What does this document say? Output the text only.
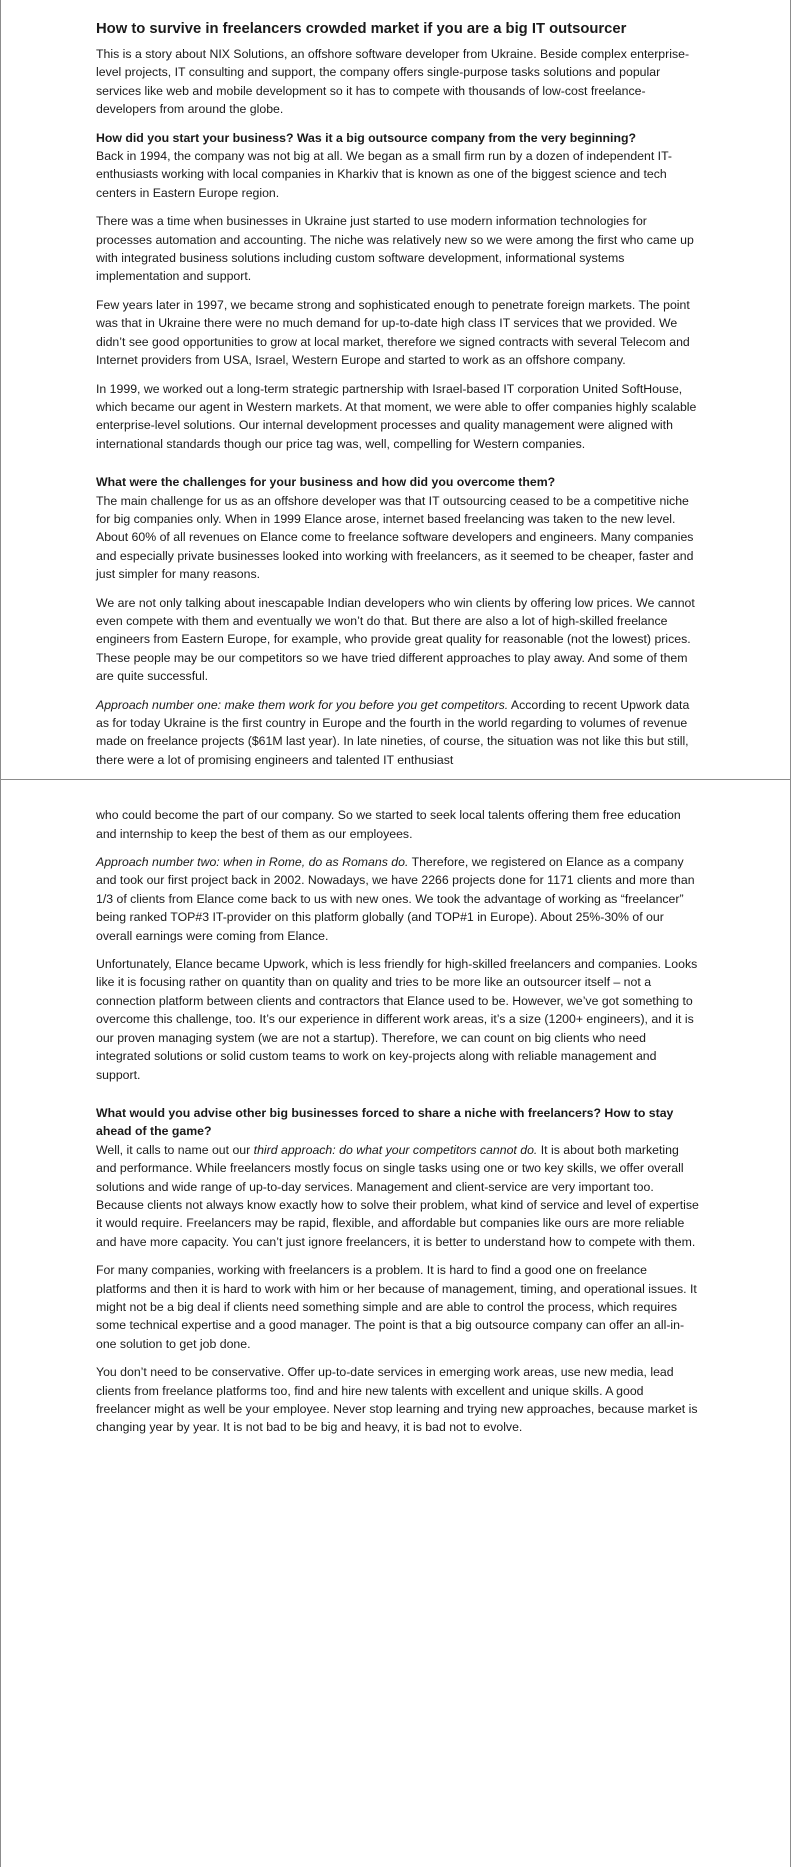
How to survive in freelancers crowded market if you are a big IT outsourcer

This is a story about NIX Solutions, an offshore software developer from Ukraine. Beside complex enterprise-level projects, IT consulting and support, the company offers single-purpose tasks solutions and popular services like web and mobile development so it has to compete with thousands of low-cost freelance-developers from around the globe.

How did you start your business? Was it a big outsource company from the very beginning?

Back in 1994, the company was not big at all. We began as a small firm run by a dozen of independent IT-enthusiasts working with local companies in Kharkiv that is known as one of the biggest science and tech centers in Eastern Europe region.

There was a time when businesses in Ukraine just started to use modern information technologies for processes automation and accounting. The niche was relatively new so we were among the first who came up with integrated business solutions including custom software development, informational systems implementation and support.

Few years later in 1997, we became strong and sophisticated enough to penetrate foreign markets. The point was that in Ukraine there were no much demand for up-to-date high class IT services that we provided. We didn’t see good opportunities to grow at local market, therefore we signed contracts with several Telecom and Internet providers from USA, Israel, Western Europe and started to work as an offshore company.

In 1999, we worked out a long-term strategic partnership with Israel-based IT corporation United SoftHouse, which became our agent in Western markets. At that moment, we were able to offer companies highly scalable enterprise-level solutions. Our internal development processes and quality management were aligned with international standards though our price tag was, well, compelling for Western companies.

What were the challenges for your business and how did you overcome them?

The main challenge for us as an offshore developer was that IT outsourcing ceased to be a competitive niche for big companies only. When in 1999 Elance arose, internet based freelancing was taken to the new level. About 60% of all revenues on Elance come to freelance software developers and engineers. Many companies and especially private businesses looked into working with freelancers, as it seemed to be cheaper, faster and just simpler for many reasons.

We are not only talking about inescapable Indian developers who win clients by offering low prices. We cannot even compete with them and eventually we won’t do that. But there are also a lot of high-skilled freelance engineers from Eastern Europe, for example, who provide great quality for reasonable (not the lowest) prices. These people may be our competitors so we have tried different approaches to play away. And some of them are quite successful.

Approach number one: make them work for you before you get competitors. According to recent Upwork data as for today Ukraine is the first country in Europe and the fourth in the world regarding to volumes of revenue made on freelance projects ($61M last year). In late nineties, of course, the situation was not like this but still, there were a lot of promising engineers and talented IT enthusiast

who could become the part of our company. So we started to seek local talents offering them free education and internship to keep the best of them as our employees.

Approach number two: when in Rome, do as Romans do. Therefore, we registered on Elance as a company and took our first project back in 2002. Nowadays, we have 2266 projects done for 1171 clients and more than 1/3 of clients from Elance come back to us with new ones. We took the advantage of working as “freelancer” being ranked TOP#3 IT-provider on this platform globally (and TOP#1 in Europe). About 25%-30% of our overall earnings were coming from Elance.

Unfortunately, Elance became Upwork, which is less friendly for high-skilled freelancers and companies. Looks like it is focusing rather on quantity than on quality and tries to be more like an outsourcer itself – not a connection platform between clients and contractors that Elance used to be. However, we’ve got something to overcome this challenge, too. It’s our experience in different work areas, it’s a size (1200+ engineers), and it is our proven managing system (we are not a startup). Therefore, we can count on big clients who need integrated solutions or solid custom teams to work on key-projects along with reliable management and support.

What would you advise other big businesses forced to share a niche with freelancers? How to stay ahead of the game?

Well, it calls to name out our third approach: do what your competitors cannot do. It is about both marketing and performance. While freelancers mostly focus on single tasks using one or two key skills, we offer overall solutions and wide range of up-to-day services. Management and client-service are very important too. Because clients not always know exactly how to solve their problem, what kind of service and level of expertise it would require. Freelancers may be rapid, flexible, and affordable but companies like ours are more reliable and have more capacity. You can’t just ignore freelancers, it is better to understand how to compete with them.

For many companies, working with freelancers is a problem. It is hard to find a good one on freelance platforms and then it is hard to work with him or her because of management, timing, and operational issues. It might not be a big deal if clients need something simple and are able to control the process, which requires some technical expertise and a good manager. The point is that a big outsource company can offer an all-in-one solution to get job done.

You don’t need to be conservative. Offer up-to-date services in emerging work areas, use new media, lead clients from freelance platforms too, find and hire new talents with excellent and unique skills. A good freelancer might as well be your employee. Never stop learning and trying new approaches, because market is changing year by year. It is not bad to be big and heavy, it is bad not to evolve.
